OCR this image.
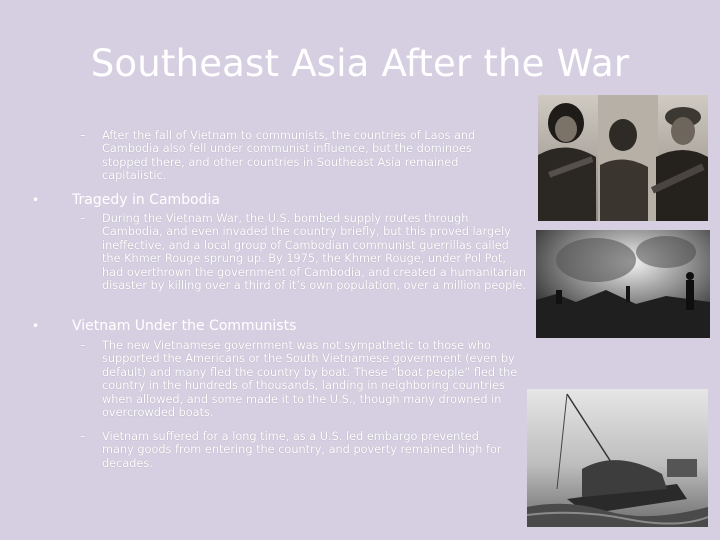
Southeast Asia After the War
– After the fall of Vietnam to communists, the countries of Laos and Cambodia also fell under communist influence, but the dominoes stopped there, and other countries in Southeast Asia remained capitalistic.
• Tragedy in Cambodia
– During the Vietnam War, the U.S. bombed supply routes through Cambodia, and even invaded the country briefly, but this proved largely ineffective, and a local group of Cambodian communist guerrillas called the Khmer Rouge sprung up. By 1975, the Khmer Rouge, under Pol Pot, had overthrown the government of Cambodia, and created a humanitarian disaster by killing over a third of it’s own population, over a million people.
• Vietnam Under the Communists
– The new Vietnamese government was not sympathetic to those who supported the Americans or the South Vietnamese government (even by default) and many fled the country by boat. These “boat people” fled the country in the hundreds of thousands, landing in neighboring countries when allowed, and some made it to the U.S., though many drowned in overcrowded boats.
– Vietnam suffered for a long time, as a U.S. led embargo prevented many goods from entering the country, and poverty remained high for decades.
